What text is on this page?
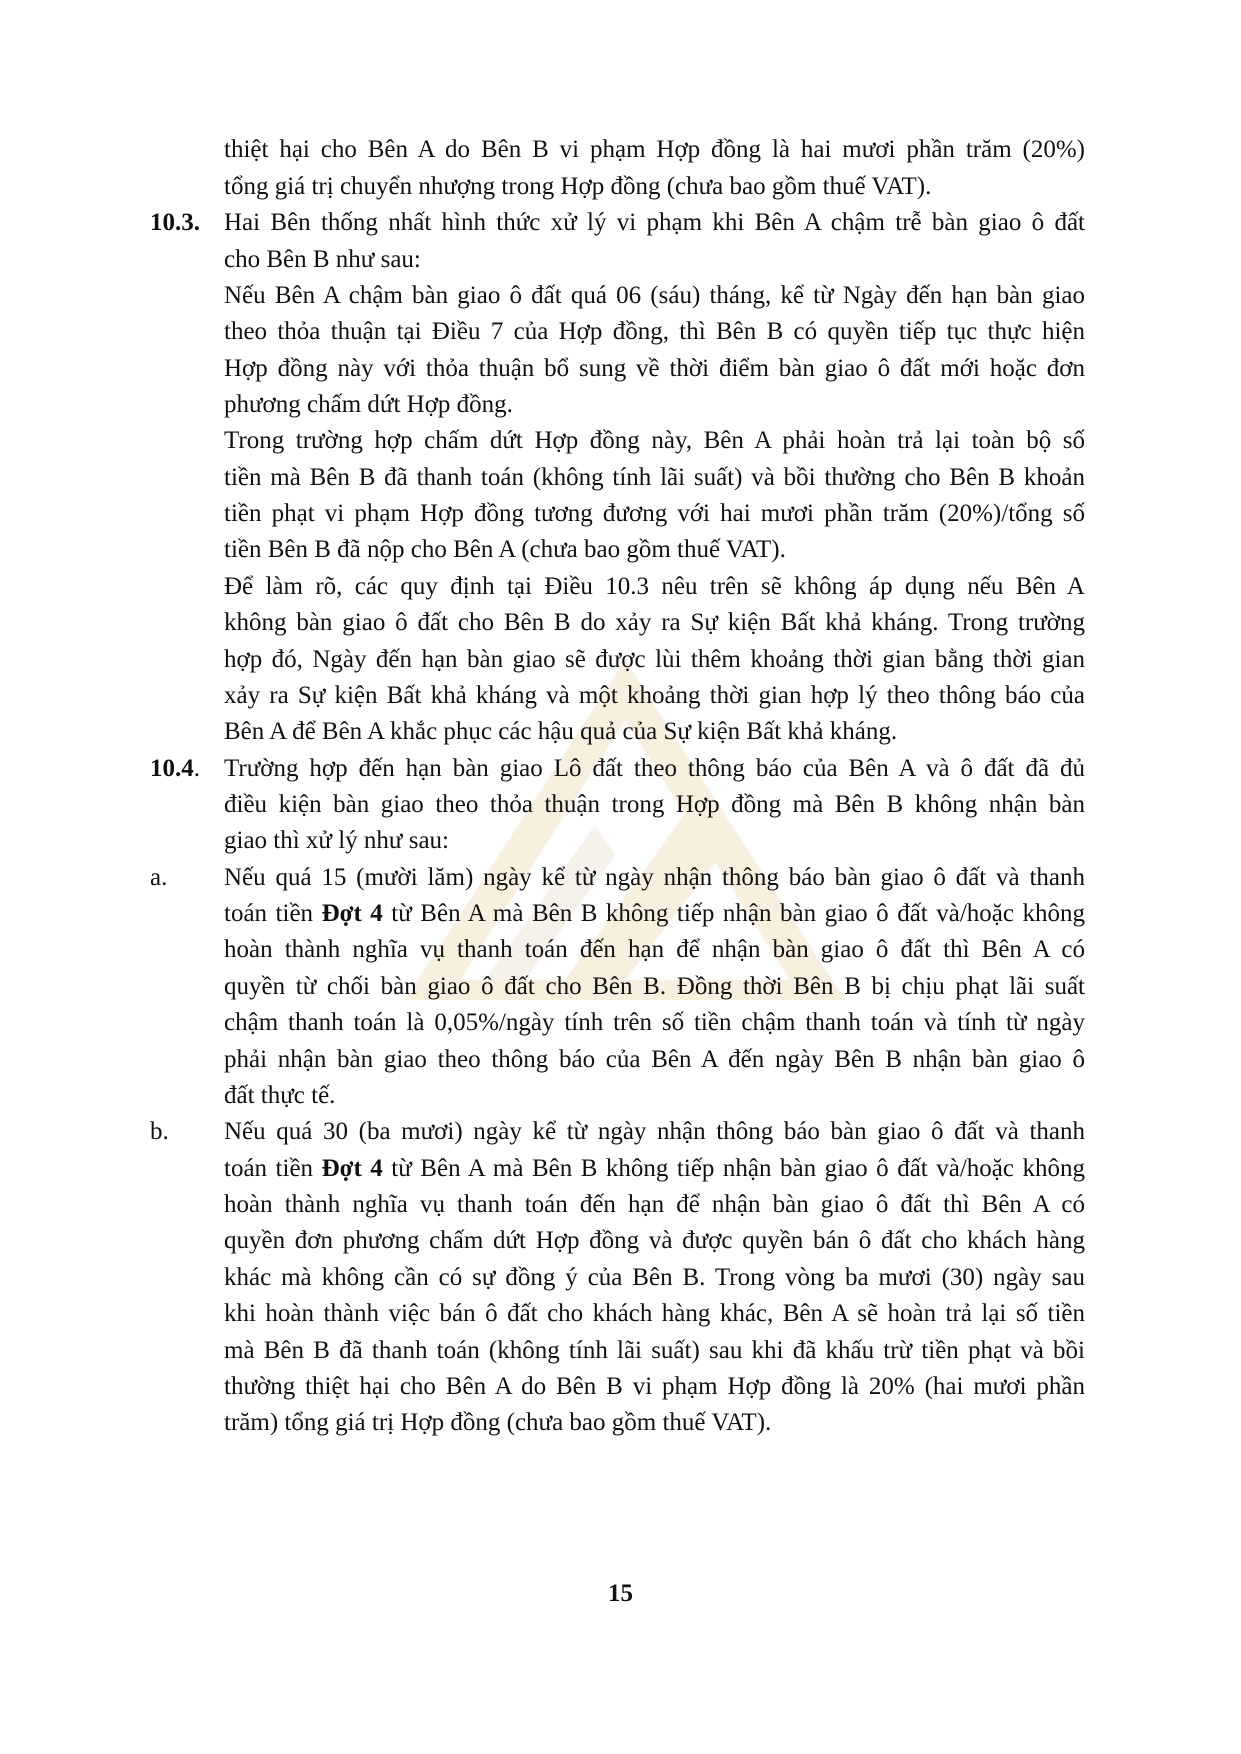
thiệt hại cho Bên A do Bên B vi phạm Hợp đồng là hai mươi phần trăm (20%)
tổng giá trị chuyển nhượng trong Hợp đồng (chưa bao gồm thuế VAT).
10.3. Hai Bên thống nhất hình thức xử lý vi phạm khi Bên A chậm trễ bàn giao ô đất
cho Bên B như sau:
Nếu Bên A chậm bàn giao ô đất quá 06 (sáu) tháng, kể từ Ngày đến hạn bàn giao
theo thỏa thuận tại Điều 7 của Hợp đồng, thì Bên B có quyền tiếp tục thực hiện
Hợp đồng này với thỏa thuận bổ sung về thời điểm bàn giao ô đất mới hoặc đơn
phương chấm dứt Hợp đồng.
Trong trường hợp chấm dứt Hợp đồng này, Bên A phải hoàn trả lại toàn bộ số
tiền mà Bên B đã thanh toán (không tính lãi suất) và bồi thường cho Bên B khoản
tiền phạt vi phạm Hợp đồng tương đương với hai mươi phần trăm (20%)/tổng số
tiền Bên B đã nộp cho Bên A (chưa bao gồm thuế VAT).
Để làm rõ, các quy định tại Điều 10.3 nêu trên sẽ không áp dụng nếu Bên A
không bàn giao ô đất cho Bên B do xảy ra Sự kiện Bất khả kháng. Trong trường
hợp đó, Ngày đến hạn bàn giao sẽ được lùi thêm khoảng thời gian bằng thời gian
xảy ra Sự kiện Bất khả kháng và một khoảng thời gian hợp lý theo thông báo của
Bên A để Bên A khắc phục các hậu quả của Sự kiện Bất khả kháng.
10.4. Trường hợp đến hạn bàn giao Lô đất theo thông báo của Bên A và ô đất đã đủ
điều kiện bàn giao theo thỏa thuận trong Hợp đồng mà Bên B không nhận bàn
giao thì xử lý như sau:
a. Nếu quá 15 (mười lăm) ngày kể từ ngày nhận thông báo bàn giao ô đất và thanh
toán tiền Đợt 4 từ Bên A mà Bên B không tiếp nhận bàn giao ô đất và/hoặc không
hoàn thành nghĩa vụ thanh toán đến hạn để nhận bàn giao ô đất thì Bên A có
quyền từ chối bàn giao ô đất cho Bên B. Đồng thời Bên B bị chịu phạt lãi suất
chậm thanh toán là 0,05%/ngày tính trên số tiền chậm thanh toán và tính từ ngày
phải nhận bàn giao theo thông báo của Bên A đến ngày Bên B nhận bàn giao ô
đất thực tế.
b. Nếu quá 30 (ba mươi) ngày kể từ ngày nhận thông báo bàn giao ô đất và thanh
toán tiền Đợt 4 từ Bên A mà Bên B không tiếp nhận bàn giao ô đất và/hoặc không
hoàn thành nghĩa vụ thanh toán đến hạn để nhận bàn giao ô đất thì Bên A có
quyền đơn phương chấm dứt Hợp đồng và được quyền bán ô đất cho khách hàng
khác mà không cần có sự đồng ý của Bên B. Trong vòng ba mươi (30) ngày sau
khi hoàn thành việc bán ô đất cho khách hàng khác, Bên A sẽ hoàn trả lại số tiền
mà Bên B đã thanh toán (không tính lãi suất) sau khi đã khấu trừ tiền phạt và bồi
thường thiệt hại cho Bên A do Bên B vi phạm Hợp đồng là 20% (hai mươi phần
trăm) tổng giá trị Hợp đồng (chưa bao gồm thuế VAT).
15
